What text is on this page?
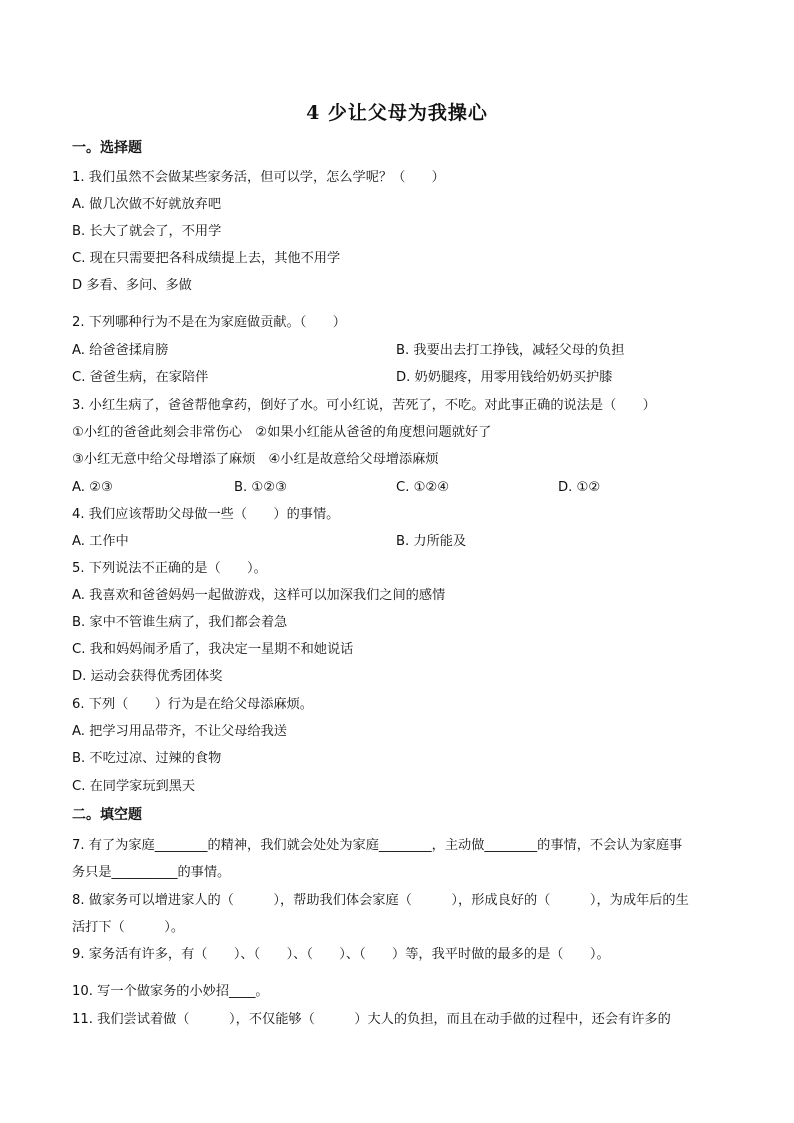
4 少让父母为我操心
一。选择题
1. 我们虽然不会做某些家务活，但可以学，怎么学呢？（　　）
A. 做几次做不好就放弃吧
B. 长大了就会了，不用学
C. 现在只需要把各科成绩提上去，其他不用学
D 多看、多问、多做
2. 下列哪种行为不是在为家庭做贡献。（　　）
A. 给爸爸揉肩膀	B. 我要出去打工挣钱，减轻父母的负担
C. 爸爸生病，在家陪伴	D. 奶奶腿疼，用零用钱给奶奶买护膝
3. 小红生病了，爸爸帮他拿药，倒好了水。可小红说，苦死了，不吃。对此事正确的说法是（　　）
①小红的爸爸此刻会非常伤心　②如果小红能从爸爸的角度想问题就好了
③小红无意中给父母增添了麻烦　④小红是故意给父母增添麻烦
A. ②③	B. ①②③	C. ①②④	D. ①②
4. 我们应该帮助父母做一些（　　）的事情。
A. 工作中	B. 力所能及
5. 下列说法不正确的是（　　）。
A. 我喜欢和爸爸妈妈一起做游戏，这样可以加深我们之间的感情
B. 家中不管谁生病了，我们都会着急
C. 我和妈妈闹矛盾了，我决定一星期不和她说话
D. 运动会获得优秀团体奖
6. 下列（　　）行为是在给父母添麻烦。
A. 把学习用品带齐，不让父母给我送
B. 不吃过凉、过辣的食物
C. 在同学家玩到黑天
二。填空题
7. 有了为家庭________的精神，我们就会处处为家庭________，主动做________的事情，不会认为家庭事
务只是__________的事情。
8. 做家务可以增进家人的（　　　），帮助我们体会家庭（　　　），形成良好的（　　　），为成年后的生
活打下（　　　）。
9. 家务活有许多，有（　　）、（　　）、（　　）、（　　）等，我平时做的最多的是（　　）。
10. 写一个做家务的小妙招____。
11. 我们尝试着做（　　　），不仅能够（　　　）大人的负担，而且在动手做的过程中，还会有许多的
